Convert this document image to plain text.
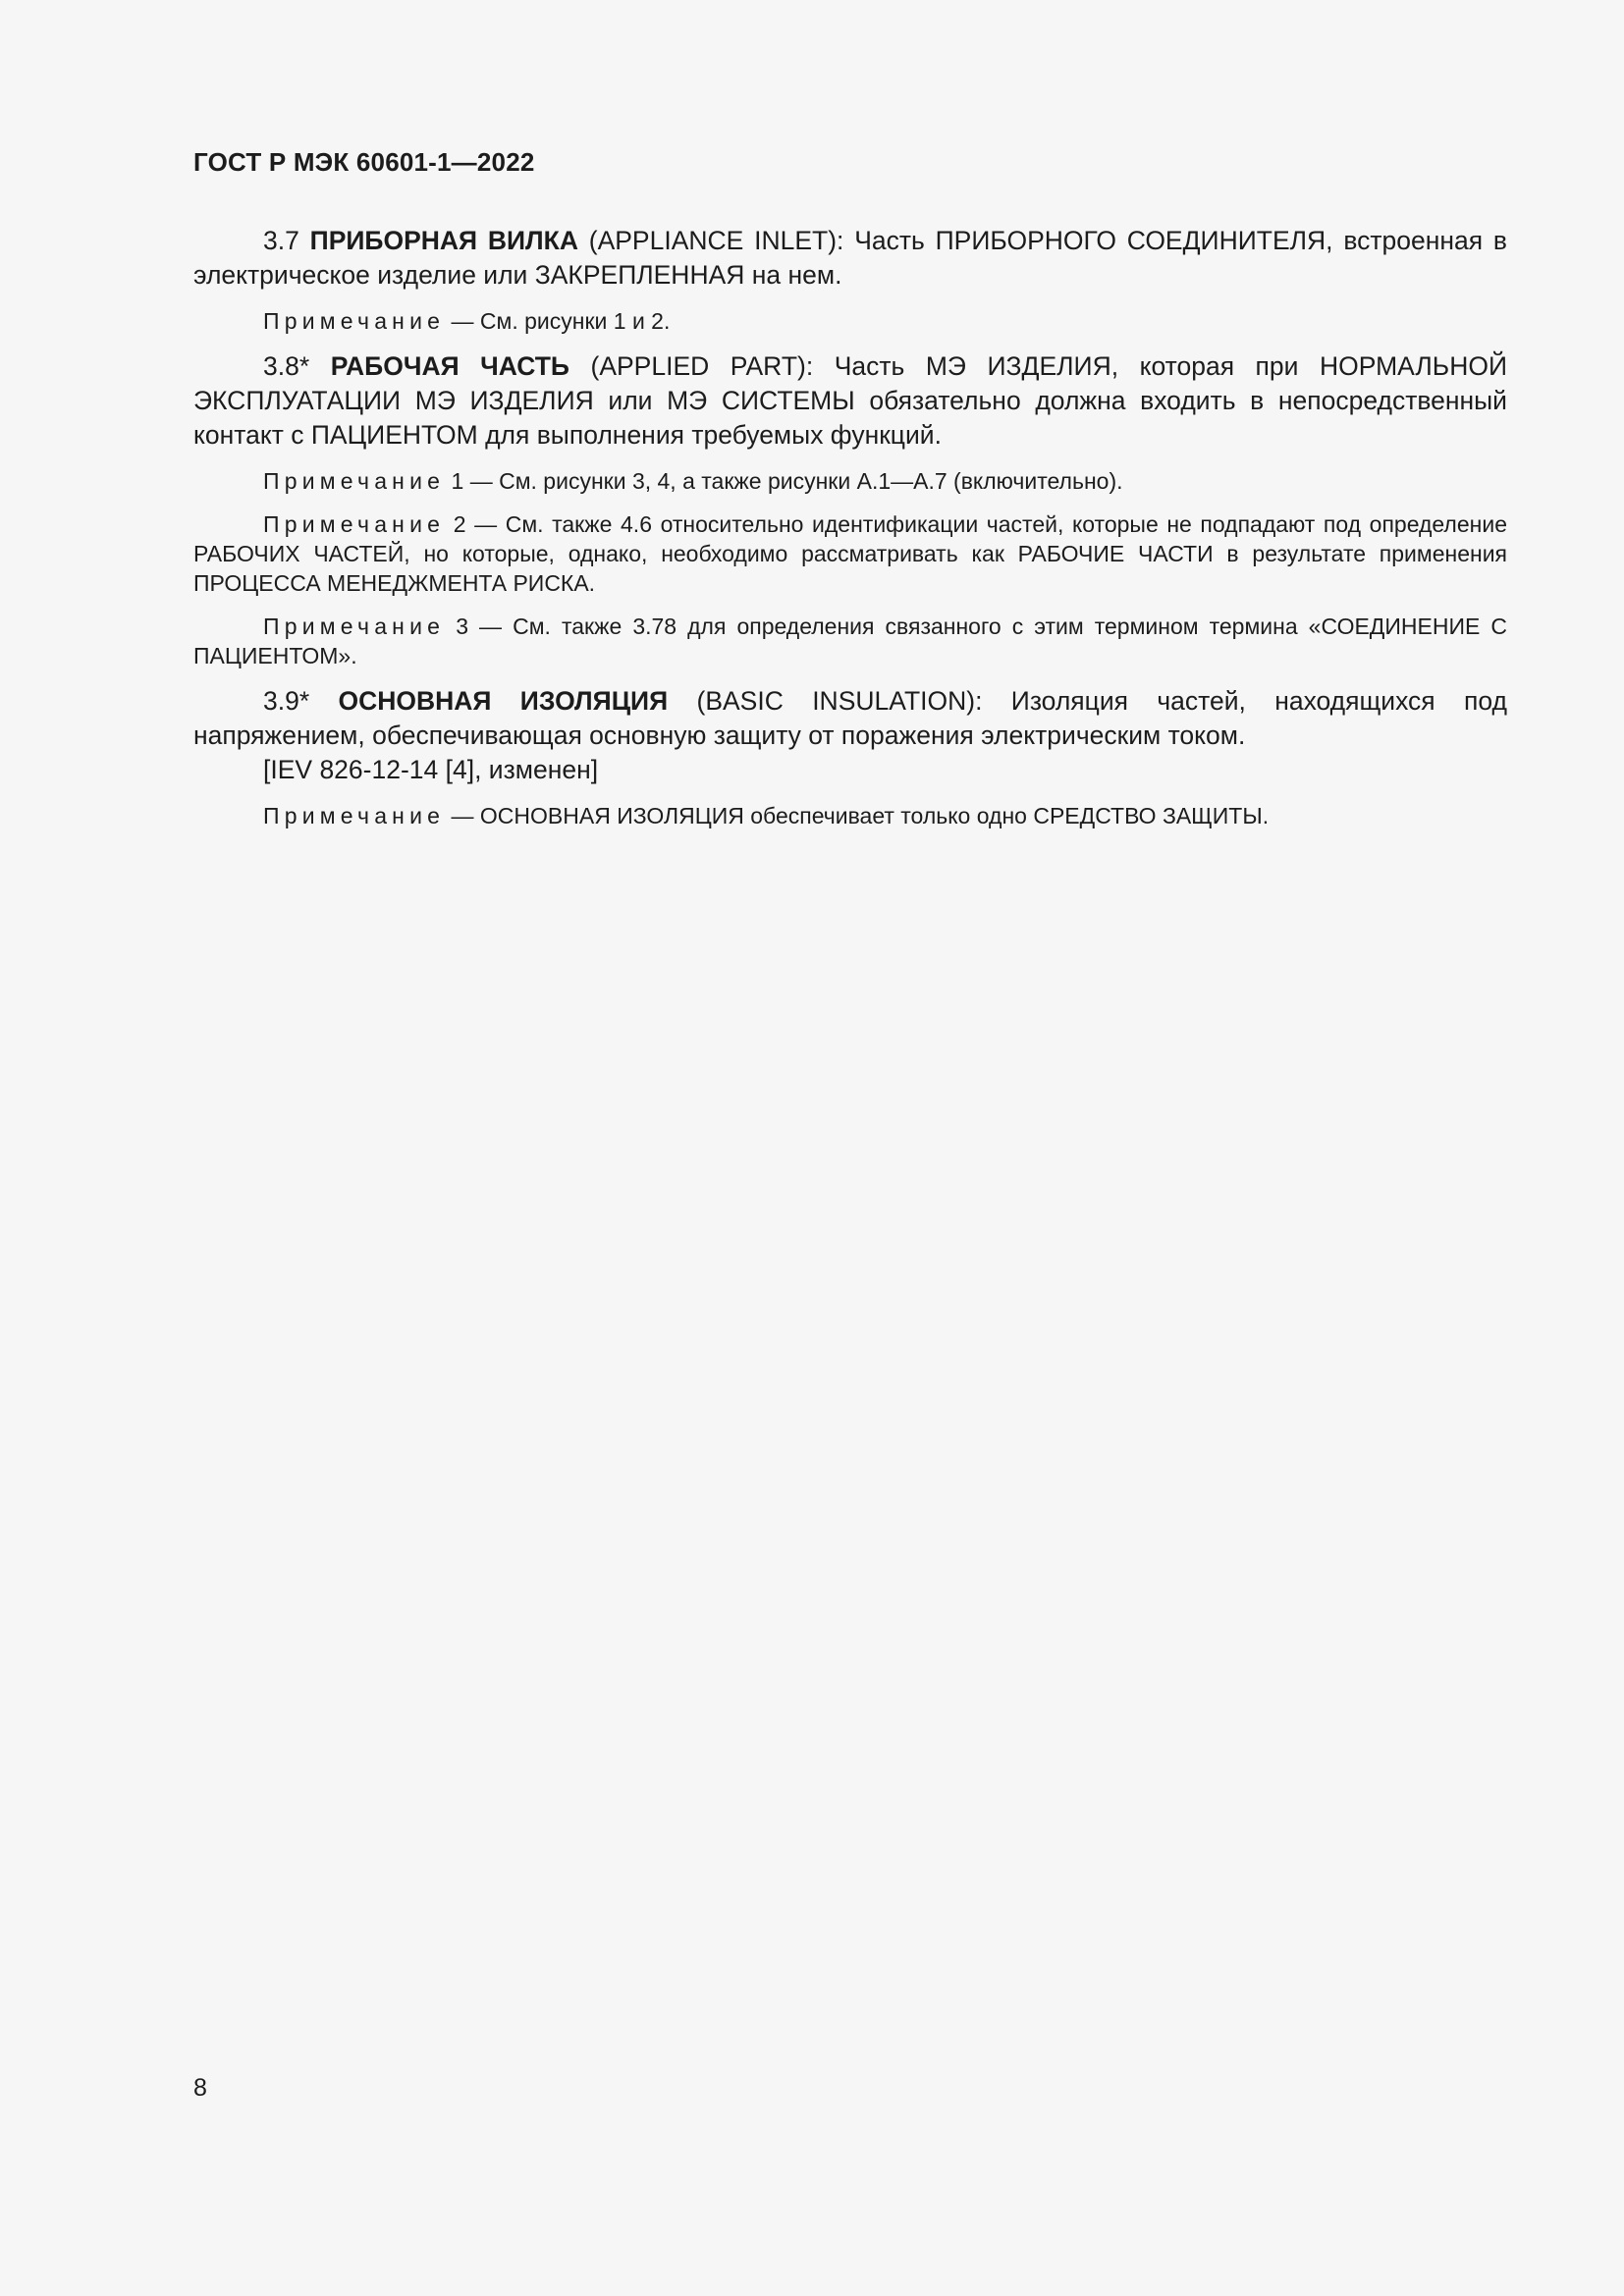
ГОСТ Р МЭК 60601-1—2022

3.7 ПРИБОРНАЯ ВИЛКА (APPLIANCE INLET): Часть ПРИБОРНОГО СОЕДИНИТЕЛЯ, встроенная в электрическое изделие или ЗАКРЕПЛЕННАЯ на нем.

Примечание — См. рисунки 1 и 2.

3.8* РАБОЧАЯ ЧАСТЬ (APPLIED PART): Часть МЭ ИЗДЕЛИЯ, которая при НОРМАЛЬНОЙ ЭКСПЛУАТАЦИИ МЭ ИЗДЕЛИЯ или МЭ СИСТЕМЫ обязательно должна входить в непосредственный контакт с ПАЦИЕНТОМ для выполнения требуемых функций.

Примечание 1 — См. рисунки 3, 4, а также рисунки А.1—А.7 (включительно).

Примечание 2 — См. также 4.6 относительно идентификации частей, которые не подпадают под определение РАБОЧИХ ЧАСТЕЙ, но которые, однако, необходимо рассматривать как РАБОЧИЕ ЧАСТИ в результате применения ПРОЦЕССА МЕНЕДЖМЕНТА РИСКА.

Примечание 3 — См. также 3.78 для определения связанного с этим термином термина «СОЕДИНЕНИЕ С ПАЦИЕНТОМ».

3.9* ОСНОВНАЯ ИЗОЛЯЦИЯ (BASIC INSULATION): Изоляция частей, находящихся под напряжением, обеспечивающая основную защиту от поражения электрическим током.

[IEV 826-12-14 [4], изменен]

Примечание — ОСНОВНАЯ ИЗОЛЯЦИЯ обеспечивает только одно СРЕДСТВО ЗАЩИТЫ.

8
